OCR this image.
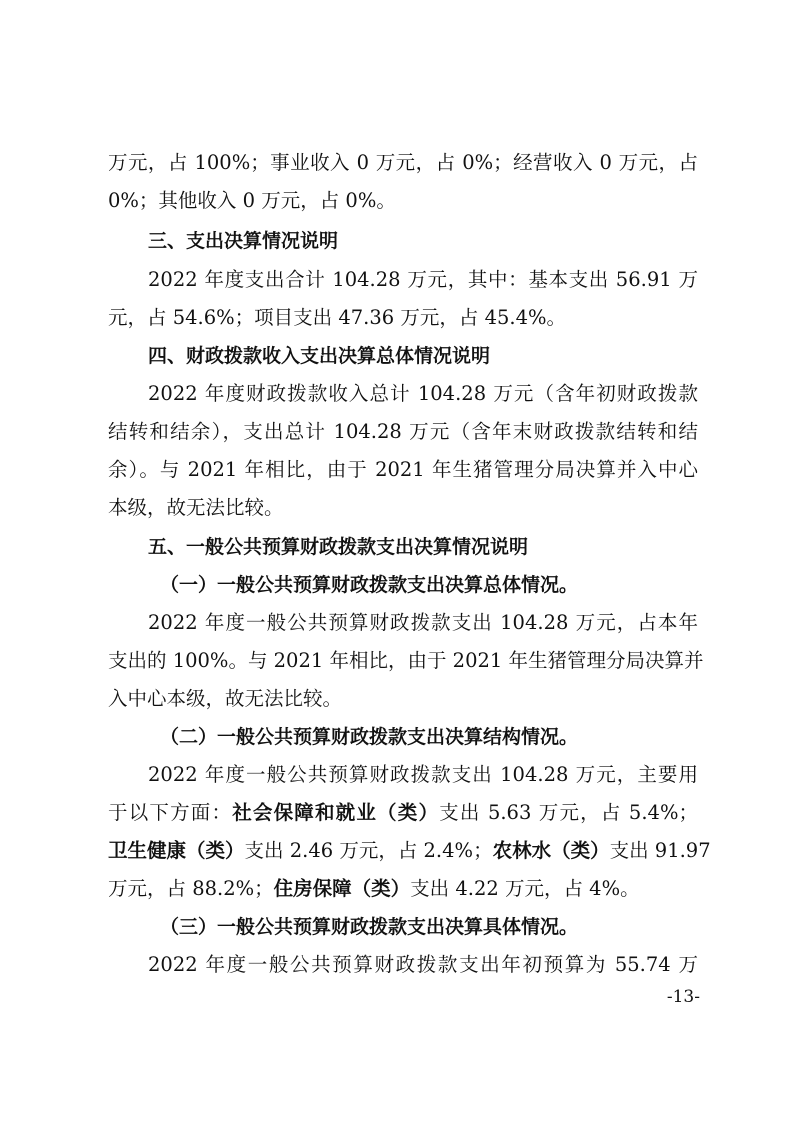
万元，占 100%；事业收入 0 万元，占 0%；经营收入 0 万元，占
0%；其他收入 0 万元，占 0%。
三、支出决算情况说明
2022 年度支出合计 104.28 万元，其中：基本支出 56.91 万
元，占 54.6%；项目支出 47.36 万元，占 45.4%。
四、财政拨款收入支出决算总体情况说明
2022 年度财政拨款收入总计 104.28 万元（含年初财政拨款
结转和结余），支出总计 104.28 万元（含年末财政拨款结转和结
余）。与 2021 年相比，由于 2021 年生猪管理分局决算并入中心
本级，故无法比较。
五、一般公共预算财政拨款支出决算情况说明
（一）一般公共预算财政拨款支出决算总体情况。
2022 年度一般公共预算财政拨款支出 104.28 万元，占本年
支出的 100%。与 2021 年相比，由于 2021 年生猪管理分局决算并
入中心本级，故无法比较。
（二）一般公共预算财政拨款支出决算结构情况。
2022 年度一般公共预算财政拨款支出 104.28 万元，主要用
于以下方面：社会保障和就业（类）支出 5.63 万元，占 5.4%；
卫生健康（类）支出 2.46 万元，占 2.4%；农林水（类）支出 91.97
万元，占 88.2%；住房保障（类）支出 4.22 万元，占 4%。
（三）一般公共预算财政拨款支出决算具体情况。
2022 年度一般公共预算财政拨款支出年初预算为 55.74 万
-13-
